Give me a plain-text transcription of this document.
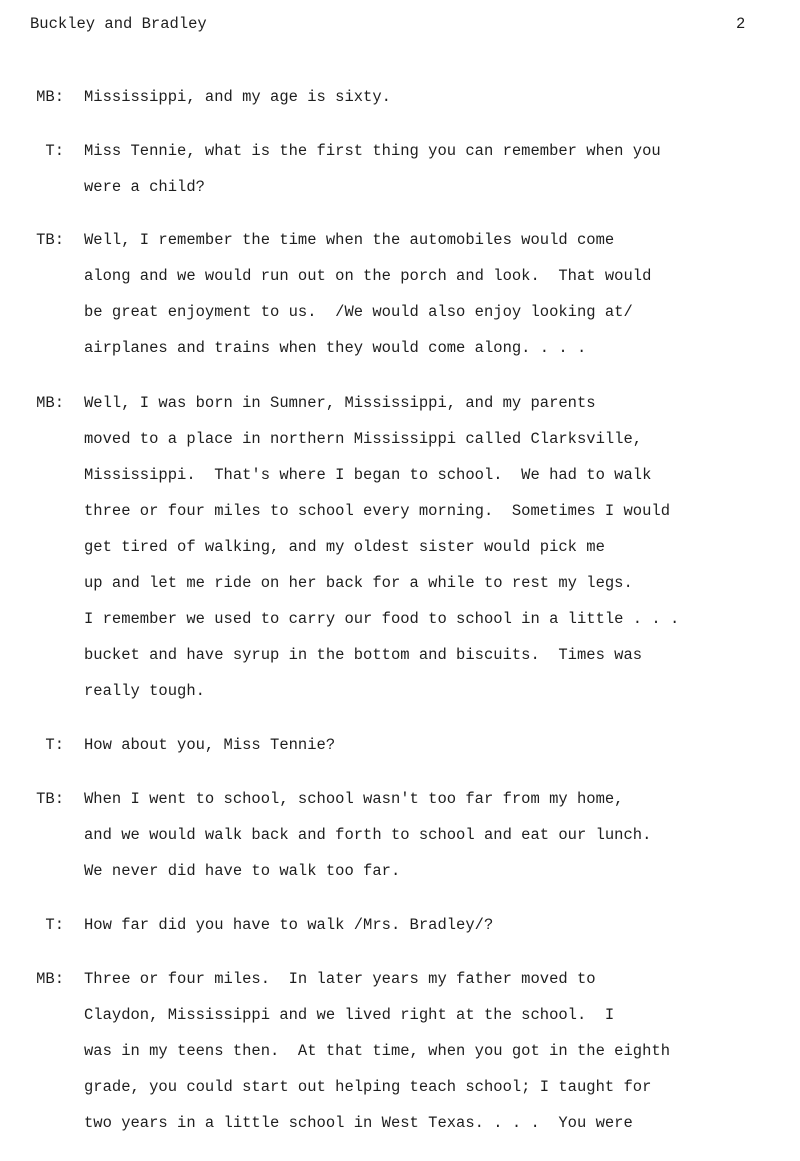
Buckley and Bradley	2
MB: Mississippi, and my age is sixty.
T: Miss Tennie, what is the first thing you can remember when you
were a child?
TB: Well, I remember the time when the automobiles would come
along and we would run out on the porch and look.  That would
be great enjoyment to us.  /We would also enjoy looking at/
airplanes and trains when they would come along. . . .
MB: Well, I was born in Sumner, Mississippi, and my parents
moved to a place in northern Mississippi called Clarksville,
Mississippi.  That's where I began to school.  We had to walk
three or four miles to school every morning.  Sometimes I would
get tired of walking, and my oldest sister would pick me
up and let me ride on her back for a while to rest my legs.
I remember we used to carry our food to school in a little . . .
bucket and have syrup in the bottom and biscuits.  Times was
really tough.
T: How about you, Miss Tennie?
TB: When I went to school, school wasn't too far from my home,
and we would walk back and forth to school and eat our lunch.
We never did have to walk too far.
T: How far did you have to walk /Mrs. Bradley/?
MB: Three or four miles.  In later years my father moved to
Claydon, Mississippi and we lived right at the school.  I
was in my teens then.  At that time, when you got in the eighth
grade, you could start out helping teach school; I taught for
two years in a little school in West Texas. . . .  You were
